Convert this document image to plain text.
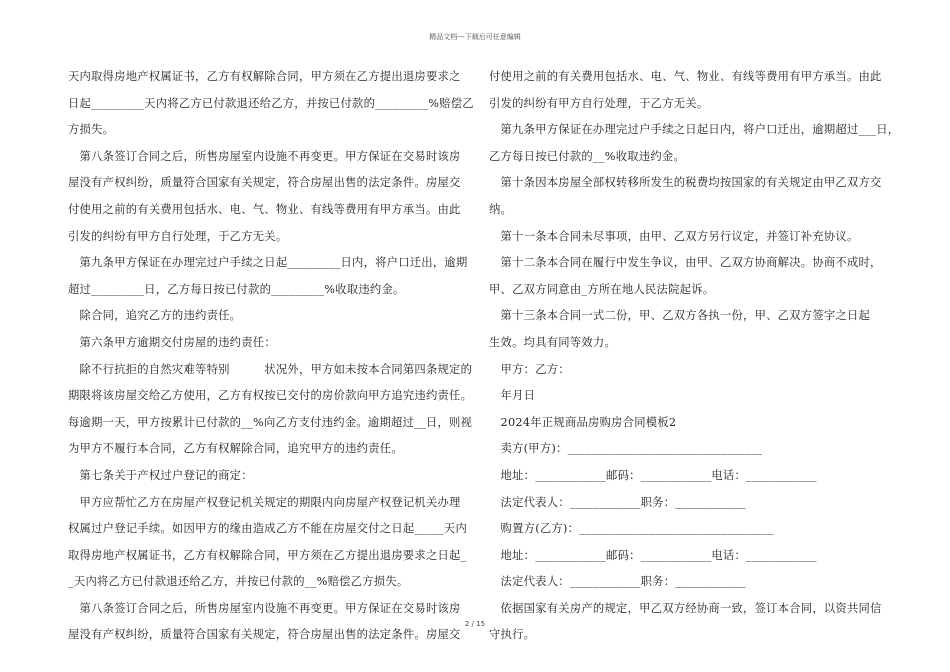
精品文档---下载后可任意编辑

天内取得房地产权属证书，乙方有权解除合同，甲方须在乙方提出退房要求之

日起_________天内将乙方已付款退还给乙方，并按已付款的_________%赔偿乙

方损失。

　第八条签订合同之后，所售房屋室内设施不再变更。甲方保证在交易时该房

屋没有产权纠纷，质量符合国家有关规定，符合房屋出售的法定条件。房屋交

付使用之前的有关费用包括水、电、气、物业、有线等费用有甲方承当。由此

引发的纠纷有甲方自行处理，于乙方无关。

　第九条甲方保证在办理完过户手续之日起_________日内，将户口迁出，逾期

超过_________日，乙方每日按已付款的_________%收取违约金。

　除合同，追究乙方的违约责任。

　第六条甲方逾期交付房屋的违约责任：

　除不行抗拒的自然灾难等特别　　　状况外，甲方如未按本合同第四条规定的

期限将该房屋交给乙方使用，乙方有权按已交付的房价款向甲方追究违约责任。

每逾期一天，甲方按累计已付款的__%向乙方支付违约金。逾期超过__日，则视

为甲方不履行本合同，乙方有权解除合同，追究甲方的违约责任。

　第七条关于产权过户登记的商定：

　甲方应帮忙乙方在房屋产权登记机关规定的期限内向房屋产权登记机关办理

权属过户登记手续。如因甲方的缘由造成乙方不能在房屋交付之日起_____天内

取得房地产权属证书，乙方有权解除合同，甲方须在乙方提出退房要求之日起_

_天内将乙方已付款退还给乙方，并按已付款的__%赔偿乙方损失。

　第八条签订合同之后，所售房屋室内设施不再变更。甲方保证在交易时该房

屋没有产权纠纷，质量符合国家有关规定，符合房屋出售的法定条件。房屋交

付使用之前的有关费用包括水、电、气、物业、有线等费用有甲方承当。由此

引发的纠纷有甲方自行处理，于乙方无关。

　第九条甲方保证在办理完过户手续之日起日内，将户口迁出，逾期超过___日，

乙方每日按已付款的__%收取违约金。

　第十条因本房屋全部权转移所发生的税费均按国家的有关规定由甲乙双方交

纳。

　第十一条本合同未尽事项，由甲、乙双方另行议定，并签订补充协议。

　第十二条本合同在履行中发生争议，由甲、乙双方协商解决。协商不成时，

甲、乙双方同意由_方所在地人民法院起诉。

　第十三条本合同一式二份，甲、乙双方各执一份，甲、乙双方签字之日起

生效。均具有同等效力。

　甲方：乙方：

　年月日

　2024年正规商品房购房合同模板2

　卖方(甲方)：_________________________________

　地址：____________邮码：____________电话：____________

　法定代表人：____________职务：____________

　购置方(乙方)：_________________________________

　地址：____________邮码：____________电话：____________

　法定代表人：____________职务：____________

　依据国家有关房产的规定，甲乙双方经协商一致，签订本合同，以资共同信

守执行。

2 / 15
